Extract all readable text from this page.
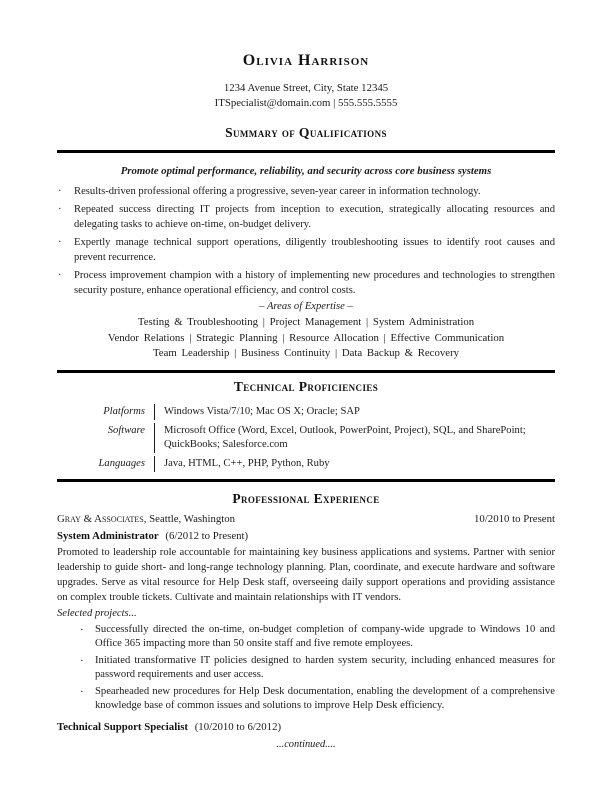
Olivia Harrison
1234 Avenue Street, City, State 12345
ITSpecialist@domain.com | 555.555.5555
Summary of Qualifications
Promote optimal performance, reliability, and security across core business systems
·	Results-driven professional offering a progressive, seven-year career in information technology.
·	Repeated success directing IT projects from inception to execution, strategically allocating resources and delegating tasks to achieve on-time, on-budget delivery.
·	Expertly manage technical support operations, diligently troubleshooting issues to identify root causes and prevent recurrence.
·	Process improvement champion with a history of implementing new procedures and technologies to strengthen security posture, enhance operational efficiency, and control costs.
– Areas of Expertise –
Testing & Troubleshooting | Project Management | System Administration
Vendor Relations | Strategic Planning | Resource Allocation | Effective Communication
Team Leadership | Business Continuity | Data Backup & Recovery
Technical Proficiencies
Platforms	Windows Vista/7/10; Mac OS X; Oracle; SAP
Software	Microsoft Office (Word, Excel, Outlook, PowerPoint, Project), SQL, and SharePoint; QuickBooks; Salesforce.com
Languages	Java, HTML, C++, PHP, Python, Ruby
Professional Experience
Gray & Associates, Seattle, Washington	10/2010 to Present
System Administrator (6/2012 to Present)
Promoted to leadership role accountable for maintaining key business applications and systems. Partner with senior leadership to guide short- and long-range technology planning. Plan, coordinate, and execute hardware and software upgrades. Serve as vital resource for Help Desk staff, overseeing daily support operations and providing assistance on complex trouble tickets. Cultivate and maintain relationships with IT vendors.
Selected projects...
·	Successfully directed the on-time, on-budget completion of company-wide upgrade to Windows 10 and Office 365 impacting more than 50 onsite staff and five remote employees.
·	Initiated transformative IT policies designed to harden system security, including enhanced measures for password requirements and user access.
·	Spearheaded new procedures for Help Desk documentation, enabling the development of a comprehensive knowledge base of common issues and solutions to improve Help Desk efficiency.
Technical Support Specialist (10/2010 to 6/2012)
...continued....
